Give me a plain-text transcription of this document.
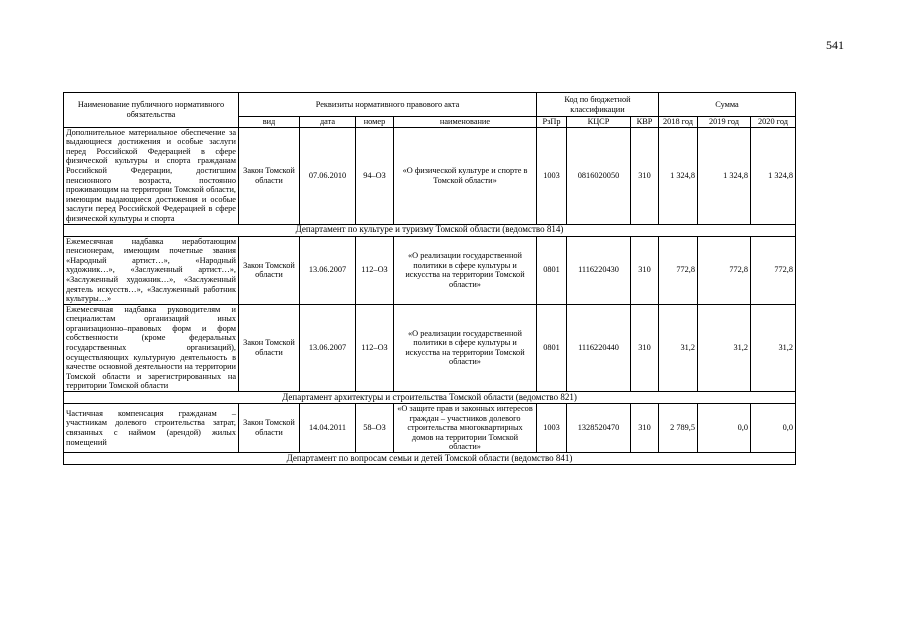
541
Наименование публичного нормативного обязательства	Реквизиты нормативного правового акта				Код по бюджетной классификации			Сумма		
	вид	дата	номер	наименование	РзПр	КЦСР	КВР	2018 год	2019 год	2020 год
Дополнительное материальное обеспечение за выдающиеся достижения и особые заслуги перед Российской Федерацией в сфере физической культуры и спорта гражданам Российской Федерации, достигшим пенсионного возраста, постоянно проживающим на территории Томской области, имеющим выдающиеся достижения и особые заслуги перед Российской Федерацией в сфере физической культуры и спорта	Закон Томской области	07.06.2010	94–ОЗ	«О физической культуре и спорте в Томской области»	1003	0816020050	310	1 324,8	1 324,8	1 324,8
Департамент по культуре и туризму Томской области (ведомство 814)										
Ежемесячная надбавка неработающим пенсионерам, имеющим почетные звания «Народный артист…», «Народный художник…», «Заслуженный артист…», «Заслуженный художник…», «Заслуженный деятель искусств…», «Заслуженный работник культуры…»	Закон Томской области	13.06.2007	112–ОЗ	«О реализации государственной политики в сфере культуры и искусства на территории Томской области»	0801	1116220430	310	772,8	772,8	772,8
Ежемесячная надбавка руководителям и специалистам организаций иных организационно–правовых форм и форм собственности (кроме федеральных государственных организаций), осуществляющих культурную деятельность в качестве основной деятельности на территории Томской области и зарегистрированных на территории Томской области	Закон Томской области	13.06.2007	112–ОЗ	«О реализации государственной политики в сфере культуры и искусства на территории Томской области»	0801	1116220440	310	31,2	31,2	31,2
Департамент архитектуры и строительства Томской области (ведомство 821)										
Частичная компенсация гражданам – участникам долевого строительства затрат, связанных с наймом (арендой) жилых помещений	Закон Томской области	14.04.2011	58–ОЗ	«О защите прав и законных интересов граждан – участников долевого строительства многоквартирных домов на территории Томской области»	1003	1328520470	310	2 789,5	0,0	0,0
Департамент по вопросам семьи и детей Томской области (ведомство 841)										
